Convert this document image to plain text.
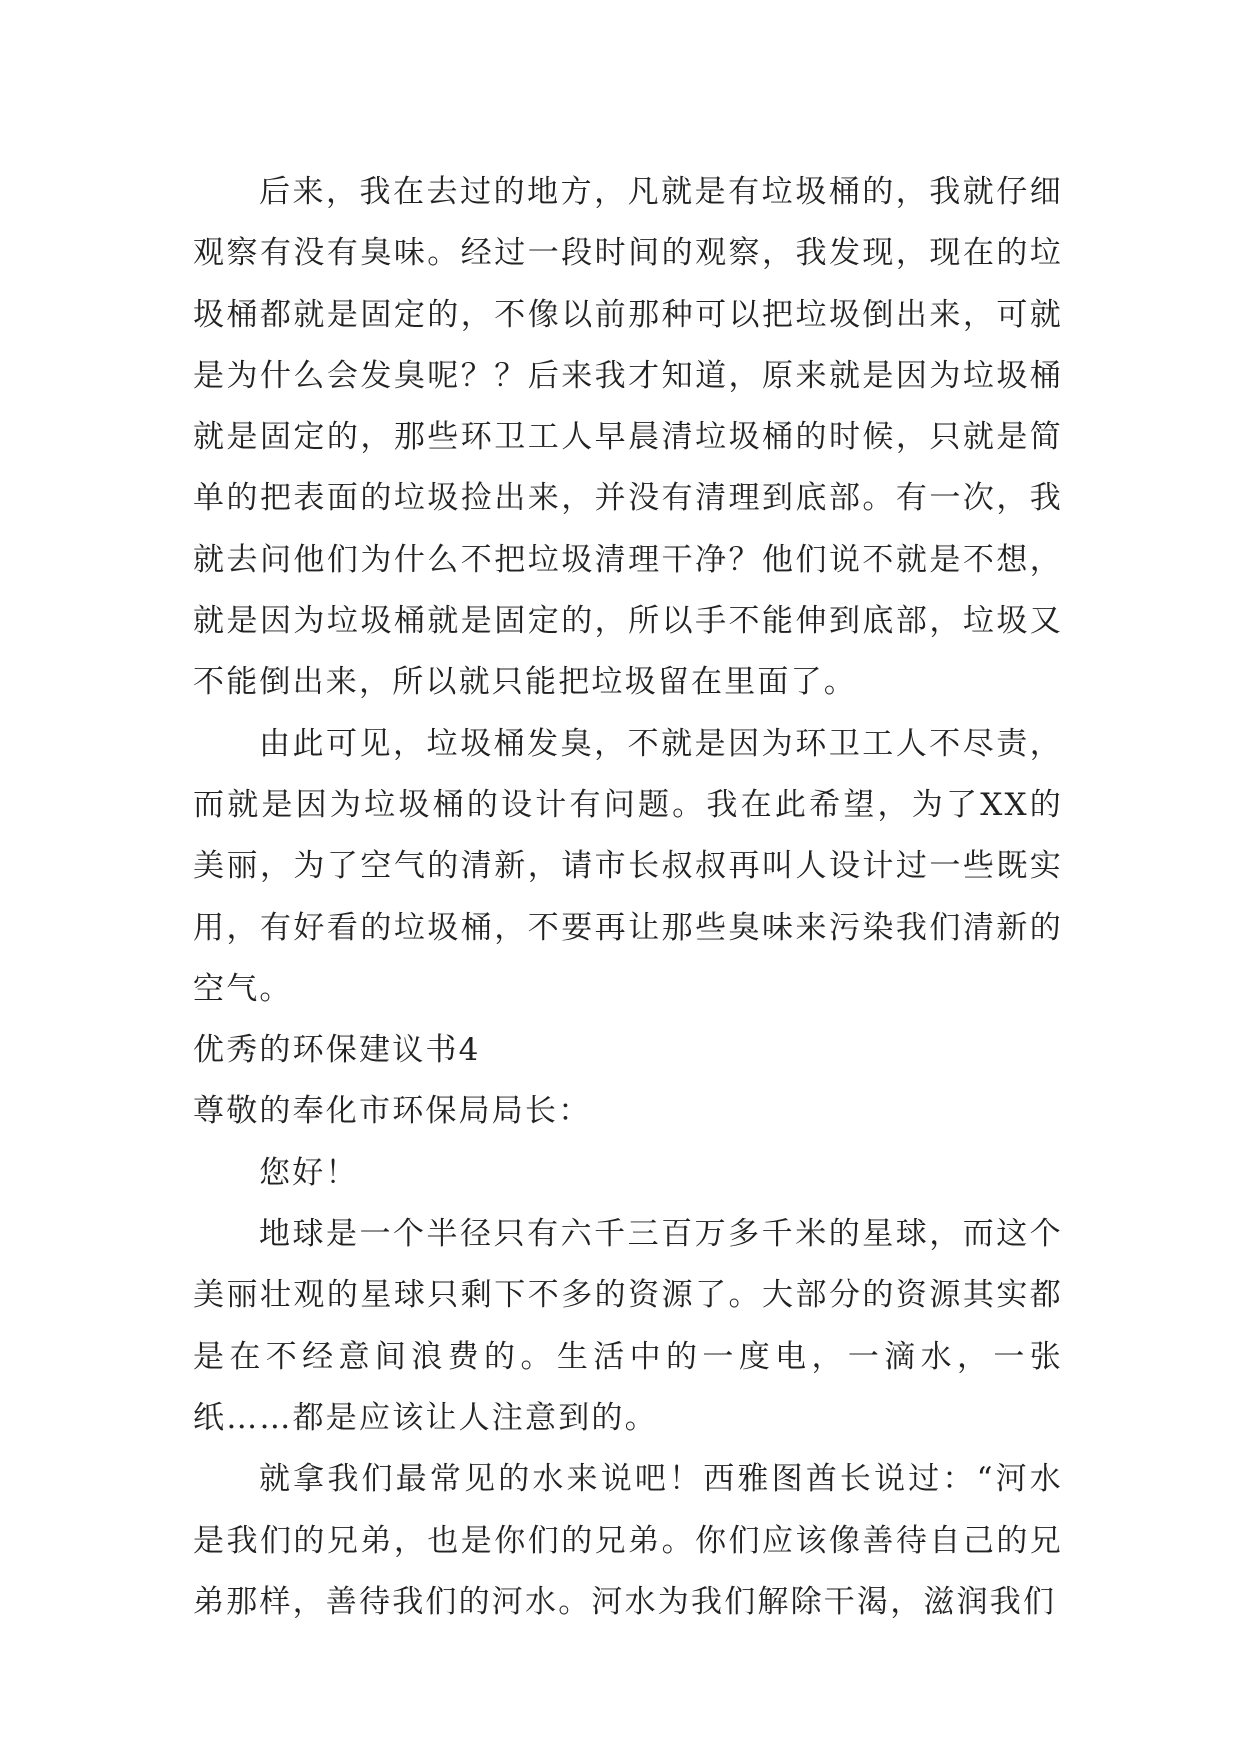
后来，我在去过的地方，凡就是有垃圾桶的，我就仔细观察有没有臭味。经过一段时间的观察，我发现，现在的垃圾桶都就是固定的，不像以前那种可以把垃圾倒出来，可就是为什么会发臭呢？？后来我才知道，原来就是因为垃圾桶就是固定的，那些环卫工人早晨清垃圾桶的时候，只就是简单的把表面的垃圾捡出来，并没有清理到底部。有一次，我就去问他们为什么不把垃圾清理干净？他们说不就是不想，就是因为垃圾桶就是固定的，所以手不能伸到底部，垃圾又不能倒出来，所以就只能把垃圾留在里面了。

由此可见，垃圾桶发臭，不就是因为环卫工人不尽责，而就是因为垃圾桶的设计有问题。我在此希望，为了XX的美丽，为了空气的清新，请市长叔叔再叫人设计过一些既实用，有好看的垃圾桶，不要再让那些臭味来污染我们清新的空气。

优秀的环保建议书4

尊敬的奉化市环保局局长：

您好！

地球是一个半径只有六千三百万多千米的星球，而这个美丽壮观的星球只剩下不多的资源了。大部分的资源其实都是在不经意间浪费的。生活中的一度电，一滴水，一张纸……都是应该让人注意到的。

就拿我们最常见的水来说吧！西雅图酋长说过：“河水是我们的兄弟，也是你们的兄弟。你们应该像善待自己的兄弟那样，善待我们的河水。河水为我们解除干渴，滋润我们
